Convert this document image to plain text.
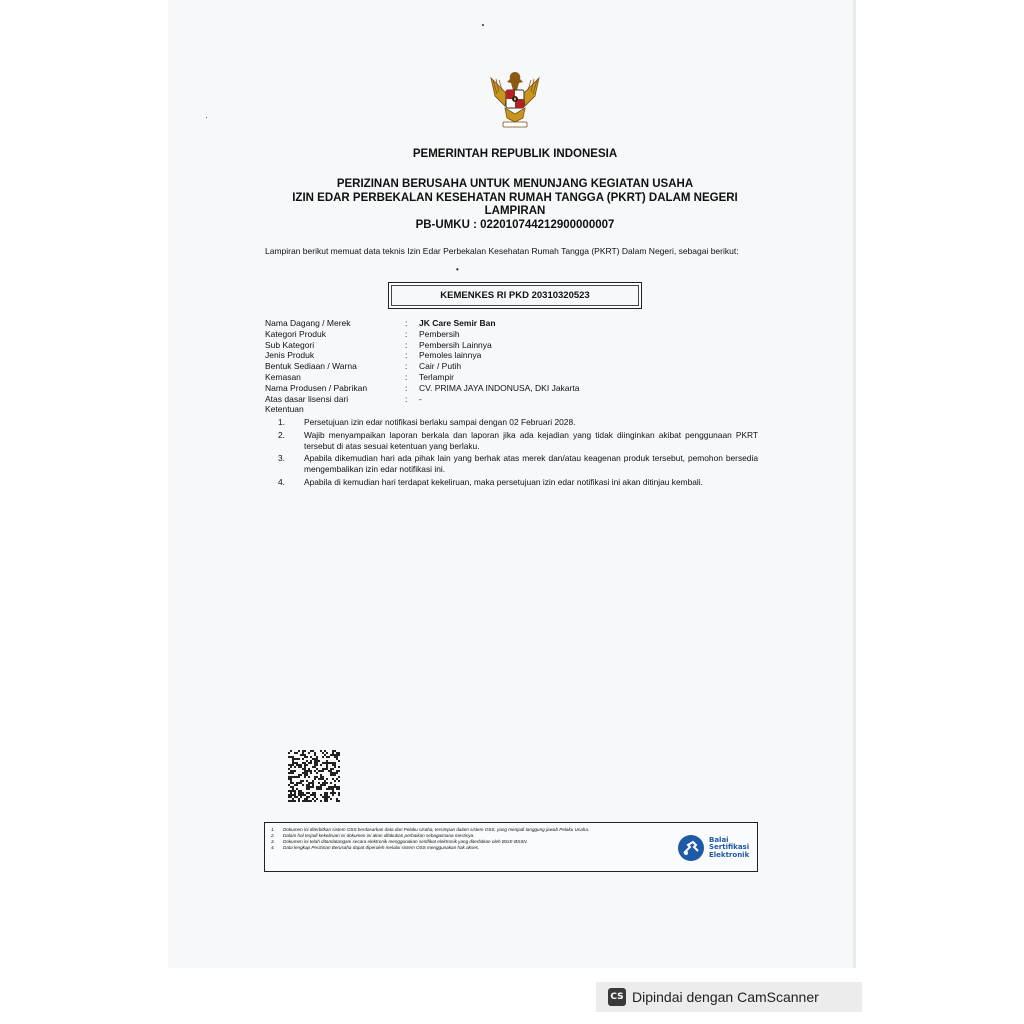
PEMERINTAH REPUBLIK INDONESIA
PERIZINAN BERUSAHA UNTUK MENUNJANG KEGIATAN USAHA
IZIN EDAR PERBEKALAN KESEHATAN RUMAH TANGGA (PKRT) DALAM NEGERI
LAMPIRAN
PB-UMKU : 022010744212900000007
Lampiran berikut memuat data teknis Izin Edar Perbekalan Kesehatan Rumah Tangga (PKRT) Dalam Negeri, sebagai berikut:
•
KEMENKES RI PKD 20310320523
Nama Dagang / Merek	:	JK Care Semir Ban
Kategori Produk	:	Pembersih
Sub Kategori	:	Pembersih Lainnya
Jenis Produk	:	Pemoles lainnya
Bentuk Sediaan / Warna	:	Cair / Putih
Kemasan	:	Terlampir
Nama Produsen / Pabrikan	:	CV. PRIMA JAYA INDONUSA, DKI Jakarta
Atas dasar lisensi dari	:	-
Ketentuan
1.	Persetujuan izin edar notifikasi berlaku sampai dengan 02 Februari 2028.
2.	Wajib menyampaikan laporan berkala dan laporan jika ada kejadian yang tidak diinginkan akibat penggunaan PKRT tersebut di atas sesuai ketentuan yang berlaku.
3.	Apabila dikemudian hari ada pihak lain yang berhak atas merek dan/atau keagenan produk tersebut, pemohon bersedia mengembalikan izin edar notifikasi ini.
4.	Apabila di kemudian hari terdapat kekeliruan, maka persetujuan izin edar notifikasi ini akan ditinjau kembali.
1.	Dokumen ini diterbitkan sistem OSS berdasarkan data dari Pelaku Usaha, tersimpan dalam sistem OSS, yang menjadi tanggung jawab Pelaku Usaha.
2.	Dalam hal terjadi kekeliruan isi dokumen ini akan dilakukan perbaikan sebagaimana mestinya.
3.	Dokumen ini telah ditandatangani secara elektronik menggunakan sertifikat elektronik yang diterbitkan oleh BSrE-BSSN.
4.	Data lengkap Perizinan Berusaha dapat diperoleh melalui sistem OSS menggunakan hak akses.
Balai
Sertifikasi
Elektronik
CS Dipindai dengan CamScanner
